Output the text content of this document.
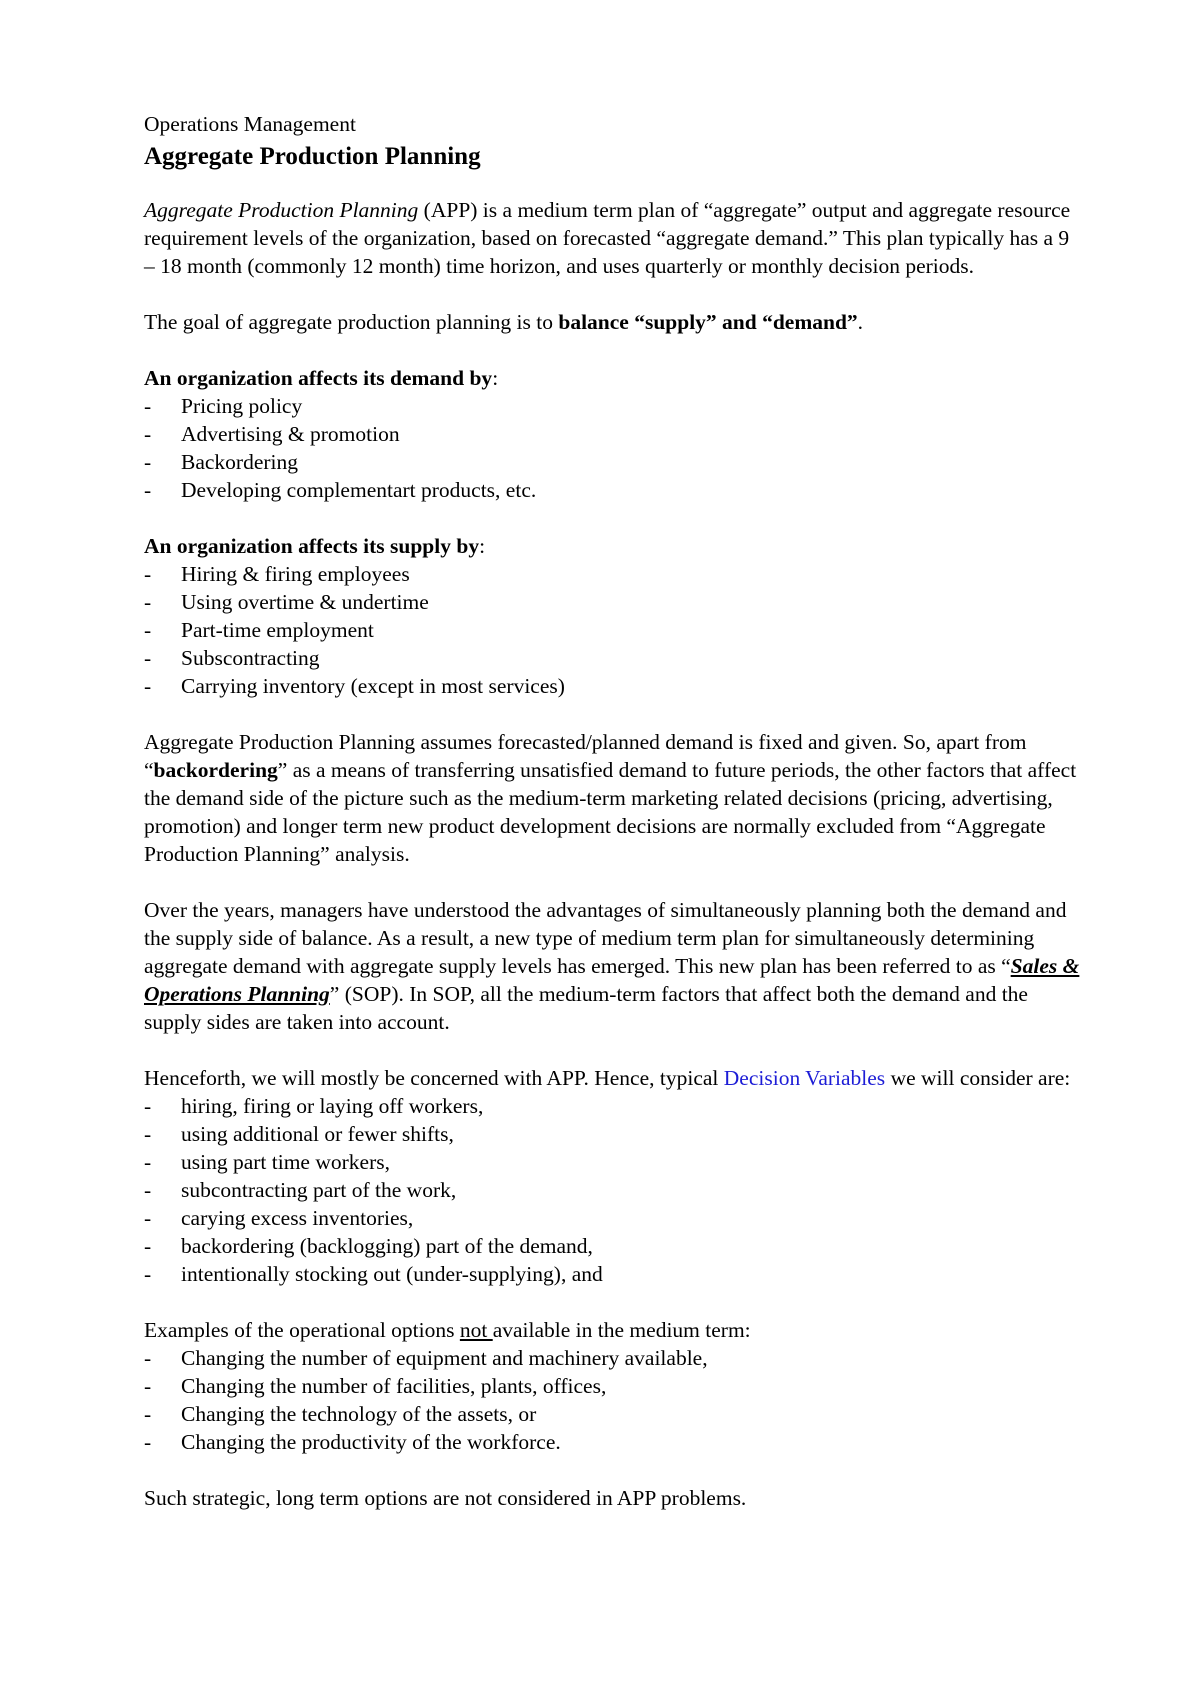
Operations Management

Aggregate Production Planning

Aggregate Production Planning (APP) is a medium term plan of “aggregate” output and aggregate resource requirement levels of the organization, based on forecasted “aggregate demand.” This plan typically has a 9 – 18 month (commonly 12 month) time horizon, and uses quarterly or monthly decision periods.

The goal of aggregate production planning is to balance “supply” and “demand”.

An organization affects its demand by:

- Pricing policy
- Advertising & promotion
- Backordering
- Developing complementart products, etc.

An organization affects its supply by:

- Hiring & firing employees
- Using overtime & undertime
- Part-time employment
- Subscontracting
- Carrying inventory (except in most services)

Aggregate Production Planning assumes forecasted/planned demand is fixed and given. So, apart from “backordering” as a means of transferring unsatisfied demand to future periods, the other factors that affect the demand side of the picture such as the medium-term marketing related decisions (pricing, advertising, promotion) and longer term new product development decisions are normally excluded from “Aggregate Production Planning” analysis.

Over the years, managers have understood the advantages of simultaneously planning both the demand and the supply side of balance. As a result, a new type of medium term plan for simultaneously determining aggregate demand with aggregate supply levels has emerged. This new plan has been referred to as “Sales & Operations Planning” (SOP). In SOP, all the medium-term factors that affect both the demand and the supply sides are taken into account.

Henceforth, we will mostly be concerned with APP. Hence, typical Decision Variables we will consider are:

- hiring, firing or laying off workers,
- using additional or fewer shifts,
- using part time workers,
- subcontracting part of the work,
- carying excess inventories,
- backordering (backlogging) part of the demand,
- intentionally stocking out (under-supplying), and

Examples of the operational options not available in the medium term:

- Changing the number of equipment and machinery available,
- Changing the number of facilities, plants, offices,
- Changing the technology of the assets, or
- Changing the productivity of the workforce.

Such strategic, long term options are not considered in APP problems.
